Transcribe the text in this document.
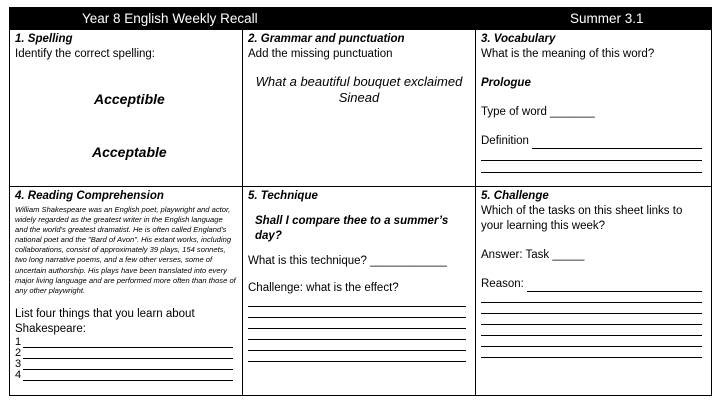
Year 8 English Weekly Recall	Summer 3.1
1. Spelling
Identify the correct spelling:
Acceptible
Acceptable
2. Grammar and punctuation
Add the missing punctuation
What a beautiful bouquet exclaimed Sinead
3. Vocabulary
What is the meaning of this word?
Prologue
Type of word _______
Definition
4. Reading Comprehension
William Shakespeare was an English poet, playwright and actor, widely regarded as the greatest writer in the English language and the world's greatest dramatist. He is often called England's national poet and the "Bard of Avon". His extant works, including collaborations, consist of approximately 39 plays, 154 sonnets, two long narrative poems, and a few other verses, some of uncertain authorship. His plays have been translated into every major living language and are performed more often than those of any other playwright.
List four things that you learn about Shakespeare:
1
2
3
4
5. Technique
Shall I compare thee to a summer’s day?
What is this technique? ____________
Challenge: what is the effect?
5. Challenge
Which of the tasks on this sheet links to your learning this week?
Answer: Task _____
Reason:
